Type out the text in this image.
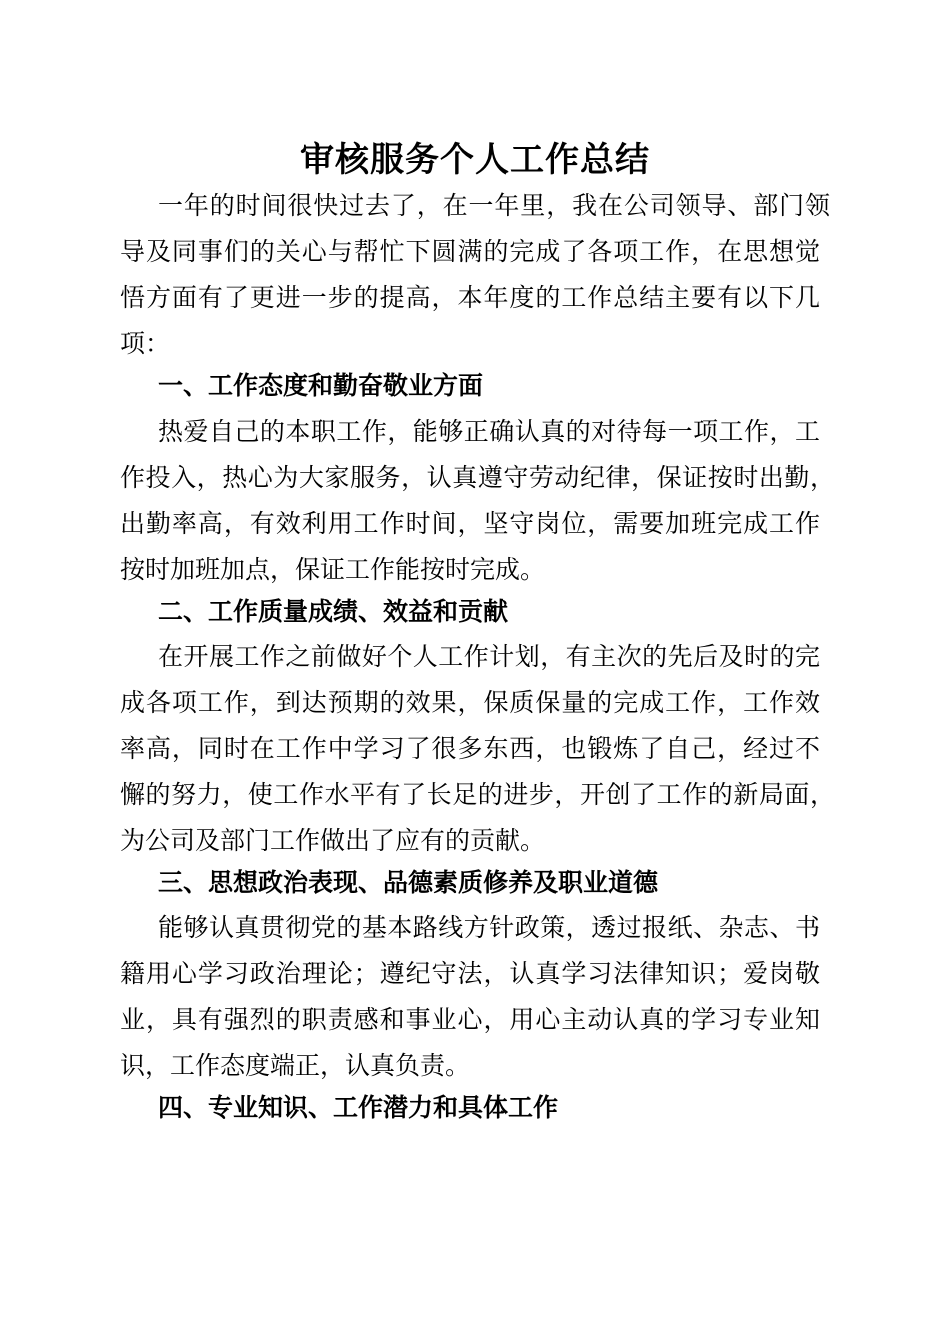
审核服务个人工作总结
一年的时间很快过去了，在一年里，我在公司领导、部门领
导及同事们的关心与帮忙下圆满的完成了各项工作，在思想觉
悟方面有了更进一步的提高，本年度的工作总结主要有以下几
项：
一、工作态度和勤奋敬业方面
热爱自己的本职工作，能够正确认真的对待每一项工作，工
作投入，热心为大家服务，认真遵守劳动纪律，保证按时出勤，
出勤率高，有效利用工作时间，坚守岗位，需要加班完成工作
按时加班加点，保证工作能按时完成。
二、工作质量成绩、效益和贡献
在开展工作之前做好个人工作计划，有主次的先后及时的完
成各项工作，到达预期的效果，保质保量的完成工作，工作效
率高，同时在工作中学习了很多东西，也锻炼了自己，经过不
懈的努力，使工作水平有了长足的进步，开创了工作的新局面，
为公司及部门工作做出了应有的贡献。
三、思想政治表现、品德素质修养及职业道德
能够认真贯彻党的基本路线方针政策，透过报纸、杂志、书
籍用心学习政治理论；遵纪守法，认真学习法律知识；爱岗敬
业，具有强烈的职责感和事业心，用心主动认真的学习专业知
识，工作态度端正，认真负责。
四、专业知识、工作潜力和具体工作
